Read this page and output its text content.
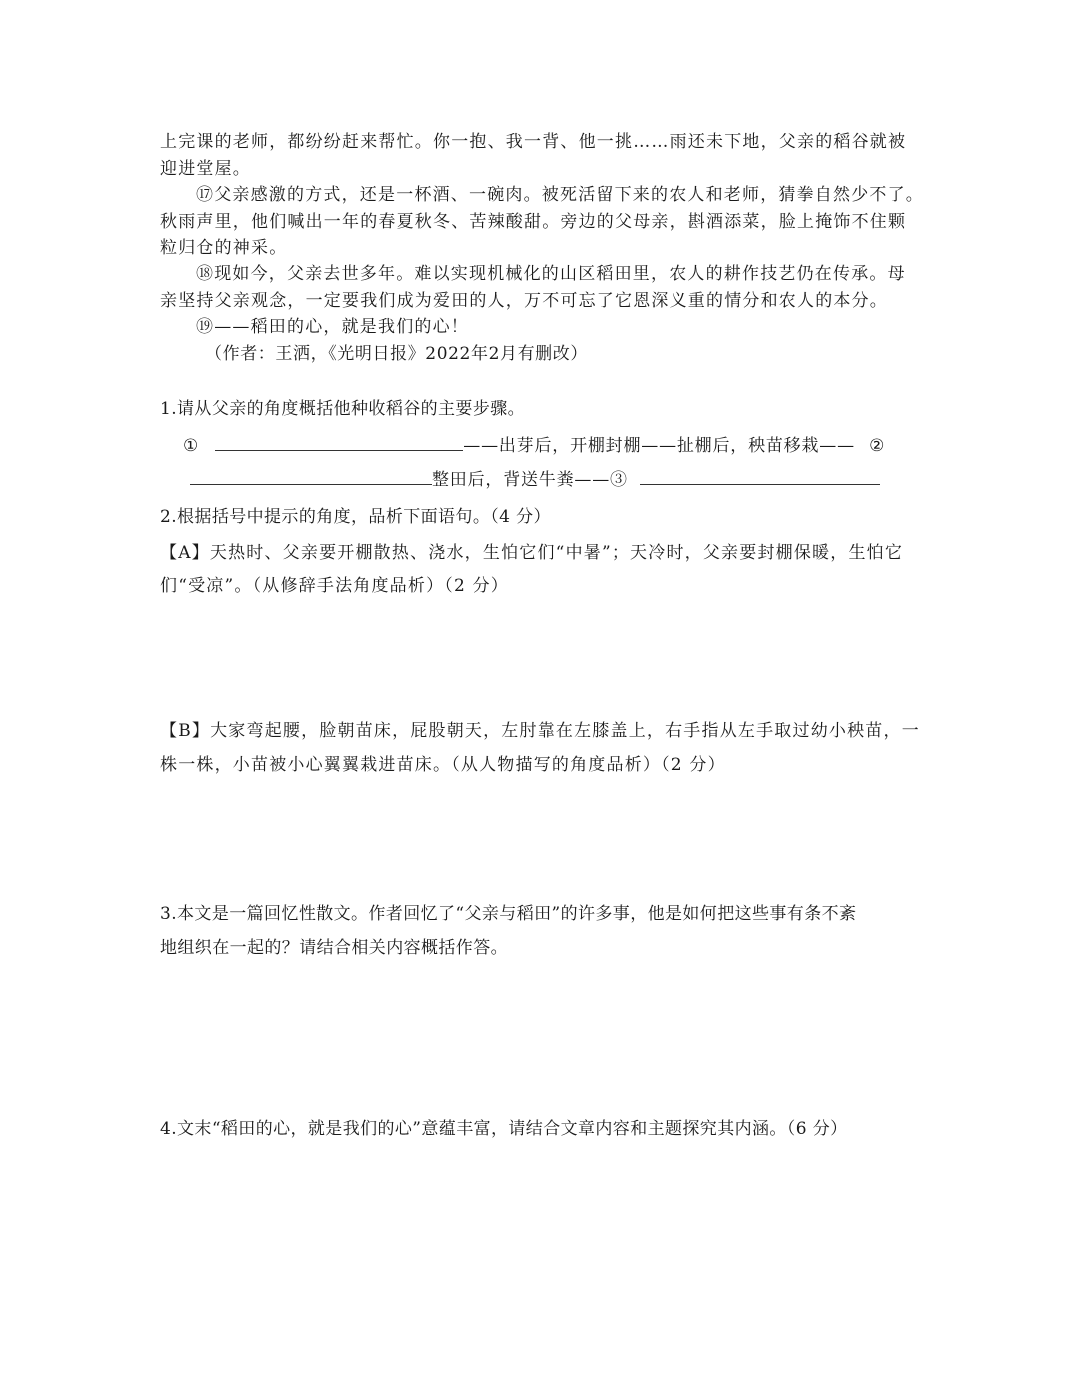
上完课的老师，都纷纷赶来帮忙。你一抱、我一背、他一挑……雨还未下地，父亲的稻谷就被
迎进堂屋。
⑰父亲感激的方式，还是一杯酒、一碗肉。被死活留下来的农人和老师，猜拳自然少不了。
秋雨声里，他们喊出一年的春夏秋冬、苦辣酸甜。旁边的父母亲，斟酒添菜，脸上掩饰不住颗
粒归仓的神采。
⑱现如今，父亲去世多年。难以实现机械化的山区稻田里，农人的耕作技艺仍在传承。母
亲坚持父亲观念，一定要我们成为爱田的人，万不可忘了它恩深义重的情分和农人的本分。
⑲——稻田的心，就是我们的心！
（作者：王洒，《光明日报》2022年2月有删改）
1.请从父亲的角度概括他种收稻谷的主要步骤。
①	——出芽后，开棚封棚——扯棚后，秧苗移栽—— ②
整田后，背送牛粪——③
2.根据括号中提示的角度，品析下面语句。（4 分）
【A】天热时、父亲要开棚散热、浇水，生怕它们“中暑”；天冷时，父亲要封棚保暖，生怕它
们“受凉”。（从修辞手法角度品析）（2 分）
【B】大家弯起腰，脸朝苗床，屁股朝天，左肘靠在左膝盖上，右手指从左手取过幼小秧苗，一
株一株，小苗被小心翼翼栽进苗床。（从人物描写的角度品析）（2 分）
3.本文是一篇回忆性散文。作者回忆了“父亲与稻田”的许多事，他是如何把这些事有条不紊
地组织在一起的？请结合相关内容概括作答。
4.文末“稻田的心，就是我们的心”意蕴丰富，请结合文章内容和主题探究其内涵。（6 分）
